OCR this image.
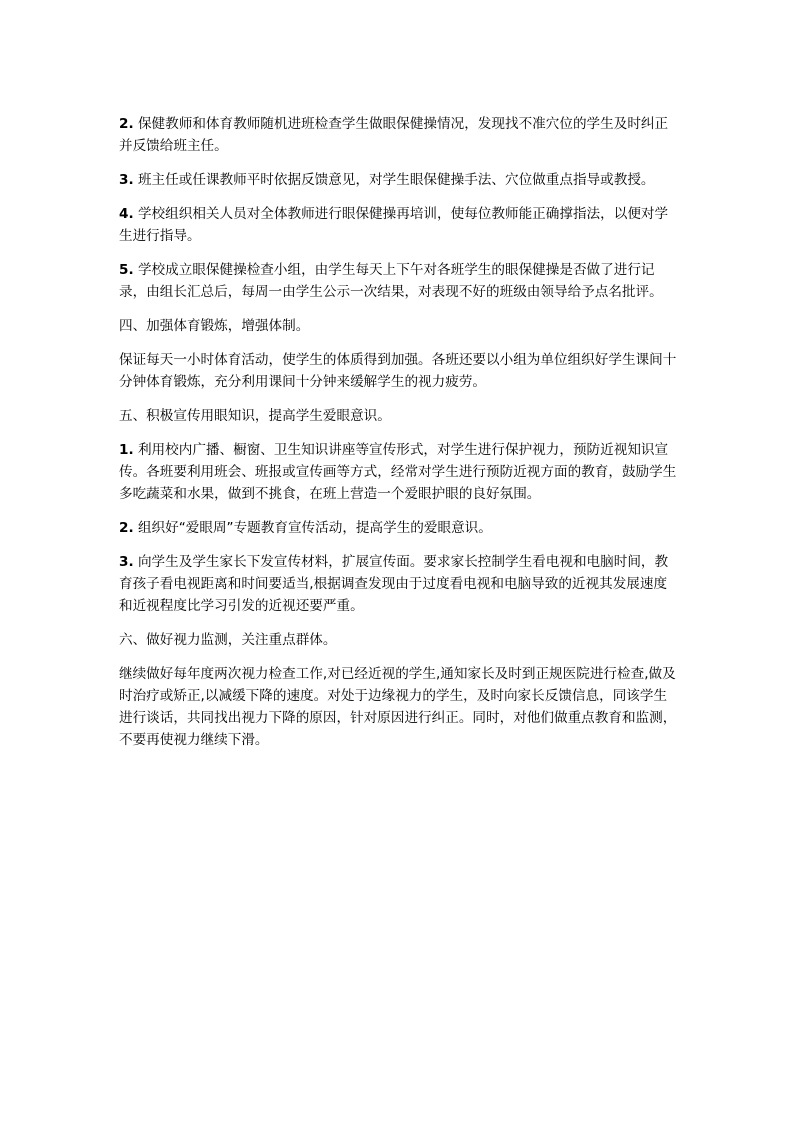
2. 保健教师和体育教师随机进班检查学生做眼保健操情况，发现找不准穴位的学生及时纠正并反馈给班主任。

3. 班主任或任课教师平时依据反馈意见，对学生眼保健操手法、穴位做重点指导或教授。

4. 学校组织相关人员对全体教师进行眼保健操再培训，使每位教师能正确撑指法，以便对学生进行指导。

5. 学校成立眼保健操检查小组，由学生每天上下午对各班学生的眼保健操是否做了进行记录，由组长汇总后，每周一由学生公示一次结果，对表现不好的班级由领导给予点名批评。

四、加强体育锻炼，增强体制。

保证每天一小时体育活动，使学生的体质得到加强。各班还要以小组为单位组织好学生课间十分钟体育锻炼，充分利用课间十分钟来缓解学生的视力疲劳。

五、积极宣传用眼知识，提高学生爱眼意识。

1. 利用校内广播、橱窗、卫生知识讲座等宣传形式，对学生进行保护视力，预防近视知识宣传。各班要利用班会、班报或宣传画等方式，经常对学生进行预防近视方面的教育，鼓励学生多吃蔬菜和水果，做到不挑食，在班上营造一个爱眼护眼的良好氛围。

2. 组织好“爱眼周”专题教育宣传活动，提高学生的爱眼意识。

3. 向学生及学生家长下发宣传材料，扩展宣传面。要求家长控制学生看电视和电脑时间，教育孩子看电视距离和时间要适当,根据调查发现由于过度看电视和电脑导致的近视其发展速度和近视程度比学习引发的近视还要严重。

六、做好视力监测，关注重点群体。

继续做好每年度两次视力检查工作,对已经近视的学生,通知家长及时到正规医院进行检查,做及时治疗或矫正,以减缓下降的速度。对处于边缘视力的学生，及时向家长反馈信息，同该学生进行谈话，共同找出视力下降的原因，针对原因进行纠正。同时，对他们做重点教育和监测，不要再使视力继续下滑。
